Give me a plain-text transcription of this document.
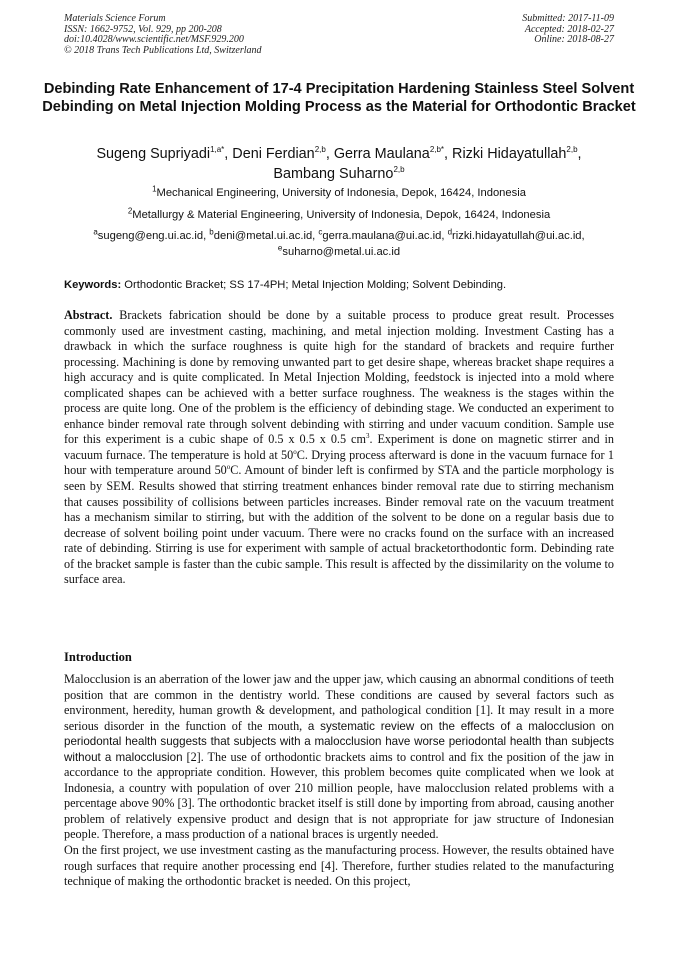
Materials Science Forum
ISSN: 1662-9752, Vol. 929, pp 200-208
doi:10.4028/www.scientific.net/MSF.929.200
© 2018 Trans Tech Publications Ltd, Switzerland
Submitted: 2017-11-09
Accepted: 2018-02-27
Online: 2018-08-27
Debinding Rate Enhancement of 17-4 Precipitation Hardening Stainless Steel Solvent Debinding on Metal Injection Molding Process as the Material for Orthodontic Bracket
Sugeng Supriyadi$^{1,a*}$, Deni Ferdian$^{2,b}$, Gerra Maulana$^{2,b*}$, Rizki Hidayatullah$^{2,b}$,
Bambang Suharno$^{2,b}$
$^1$Mechanical Engineering, University of Indonesia, Depok, 16424, Indonesia
$^2$Metallurgy & Material Engineering, University of Indonesia, Depok, 16424, Indonesia
$^a$sugeng@eng.ui.ac.id, $^b$deni@metal.ui.ac.id, $^c$gerra.maulana@ui.ac.id, $^d$rizki.hidayatullah@ui.ac.id,
$^e$suharno@metal.ui.ac.id
Keywords: Orthodontic Bracket; SS 17-4PH; Metal Injection Molding; Solvent Debinding.
Abstract. Brackets fabrication should be done by a suitable process to produce great result. Processes commonly used are investment casting, machining, and metal injection molding. Investment Casting has a drawback in which the surface roughness is quite high for the standard of brackets and require further processing. Machining is done by removing unwanted part to get desire shape, whereas bracket shape requires a high accuracy and is quite complicated. In Metal Injection Molding, feedstock is injected into a mold where complicated shapes can be achieved with a better surface roughness. The weakness is the stages within the process are quite long. One of the problem is the efficiency of debinding stage. We conducted an experiment to enhance binder removal rate through solvent debinding with stirring and under vacuum condition. Sample use for this experiment is a cubic shape of 0.5 x 0.5 x 0.5 $cm^3$. Experiment is done on magnetic stirrer and in vacuum furnace. The temperature is hold at 50$^o$C. Drying process afterward is done in the vacuum furnace for 1 hour with temperature around 50$^o$C. Amount of binder left is confirmed by STA and the particle morphology is seen by SEM. Results showed that stirring treatment enhances binder removal rate due to stirring mechanism that causes possibility of collisions between particles increases. Binder removal rate on the vacuum treatment has a mechanism similar to stirring, but with the addition of the solvent to be done on a regular basis due to decrease of solvent boiling point under vacuum. There were no cracks found on the surface with an increased rate of debinding. Stirring is use for experiment with sample of actual bracketorthodontic form. Debinding rate of the bracket sample is faster than the cubic sample. This result is affected by the dissimilarity on the volume to surface area.
Introduction

Malocclusion is an aberration of the lower jaw and the upper jaw, which causing an abnormal conditions of teeth position that are common in the dentistry world. These conditions are caused by several factors such as environment, heredity, human growth & development, and pathological condition [1]. It may result in a more serious disorder in the function of the mouth, a systematic review on the effects of a malocclusion on periodontal health suggests that subjects with a malocclusion have worse periodontal health than subjects without a malocclusion [2]. The use of orthodontic brackets aims to control and fix the position of the jaw in accordance to the appropriate condition. However, this problem becomes quite complicated when we look at Indonesia, a country with population of over 210 million people, have malocclusion related problems with a percentage above 90% [3]. The orthodontic bracket itself is still done by importing from abroad, causing another problem of relatively expensive product and design that is not appropriate for jaw structure of Indonesian people. Therefore, a mass production of a national braces is urgently needed.

On the first project, we use investment casting as the manufacturing process. However, the results obtained have rough surfaces that require another processing end [4]. Therefore, further studies related to the manufacturing technique of making the orthodontic bracket is needed. On this project,
